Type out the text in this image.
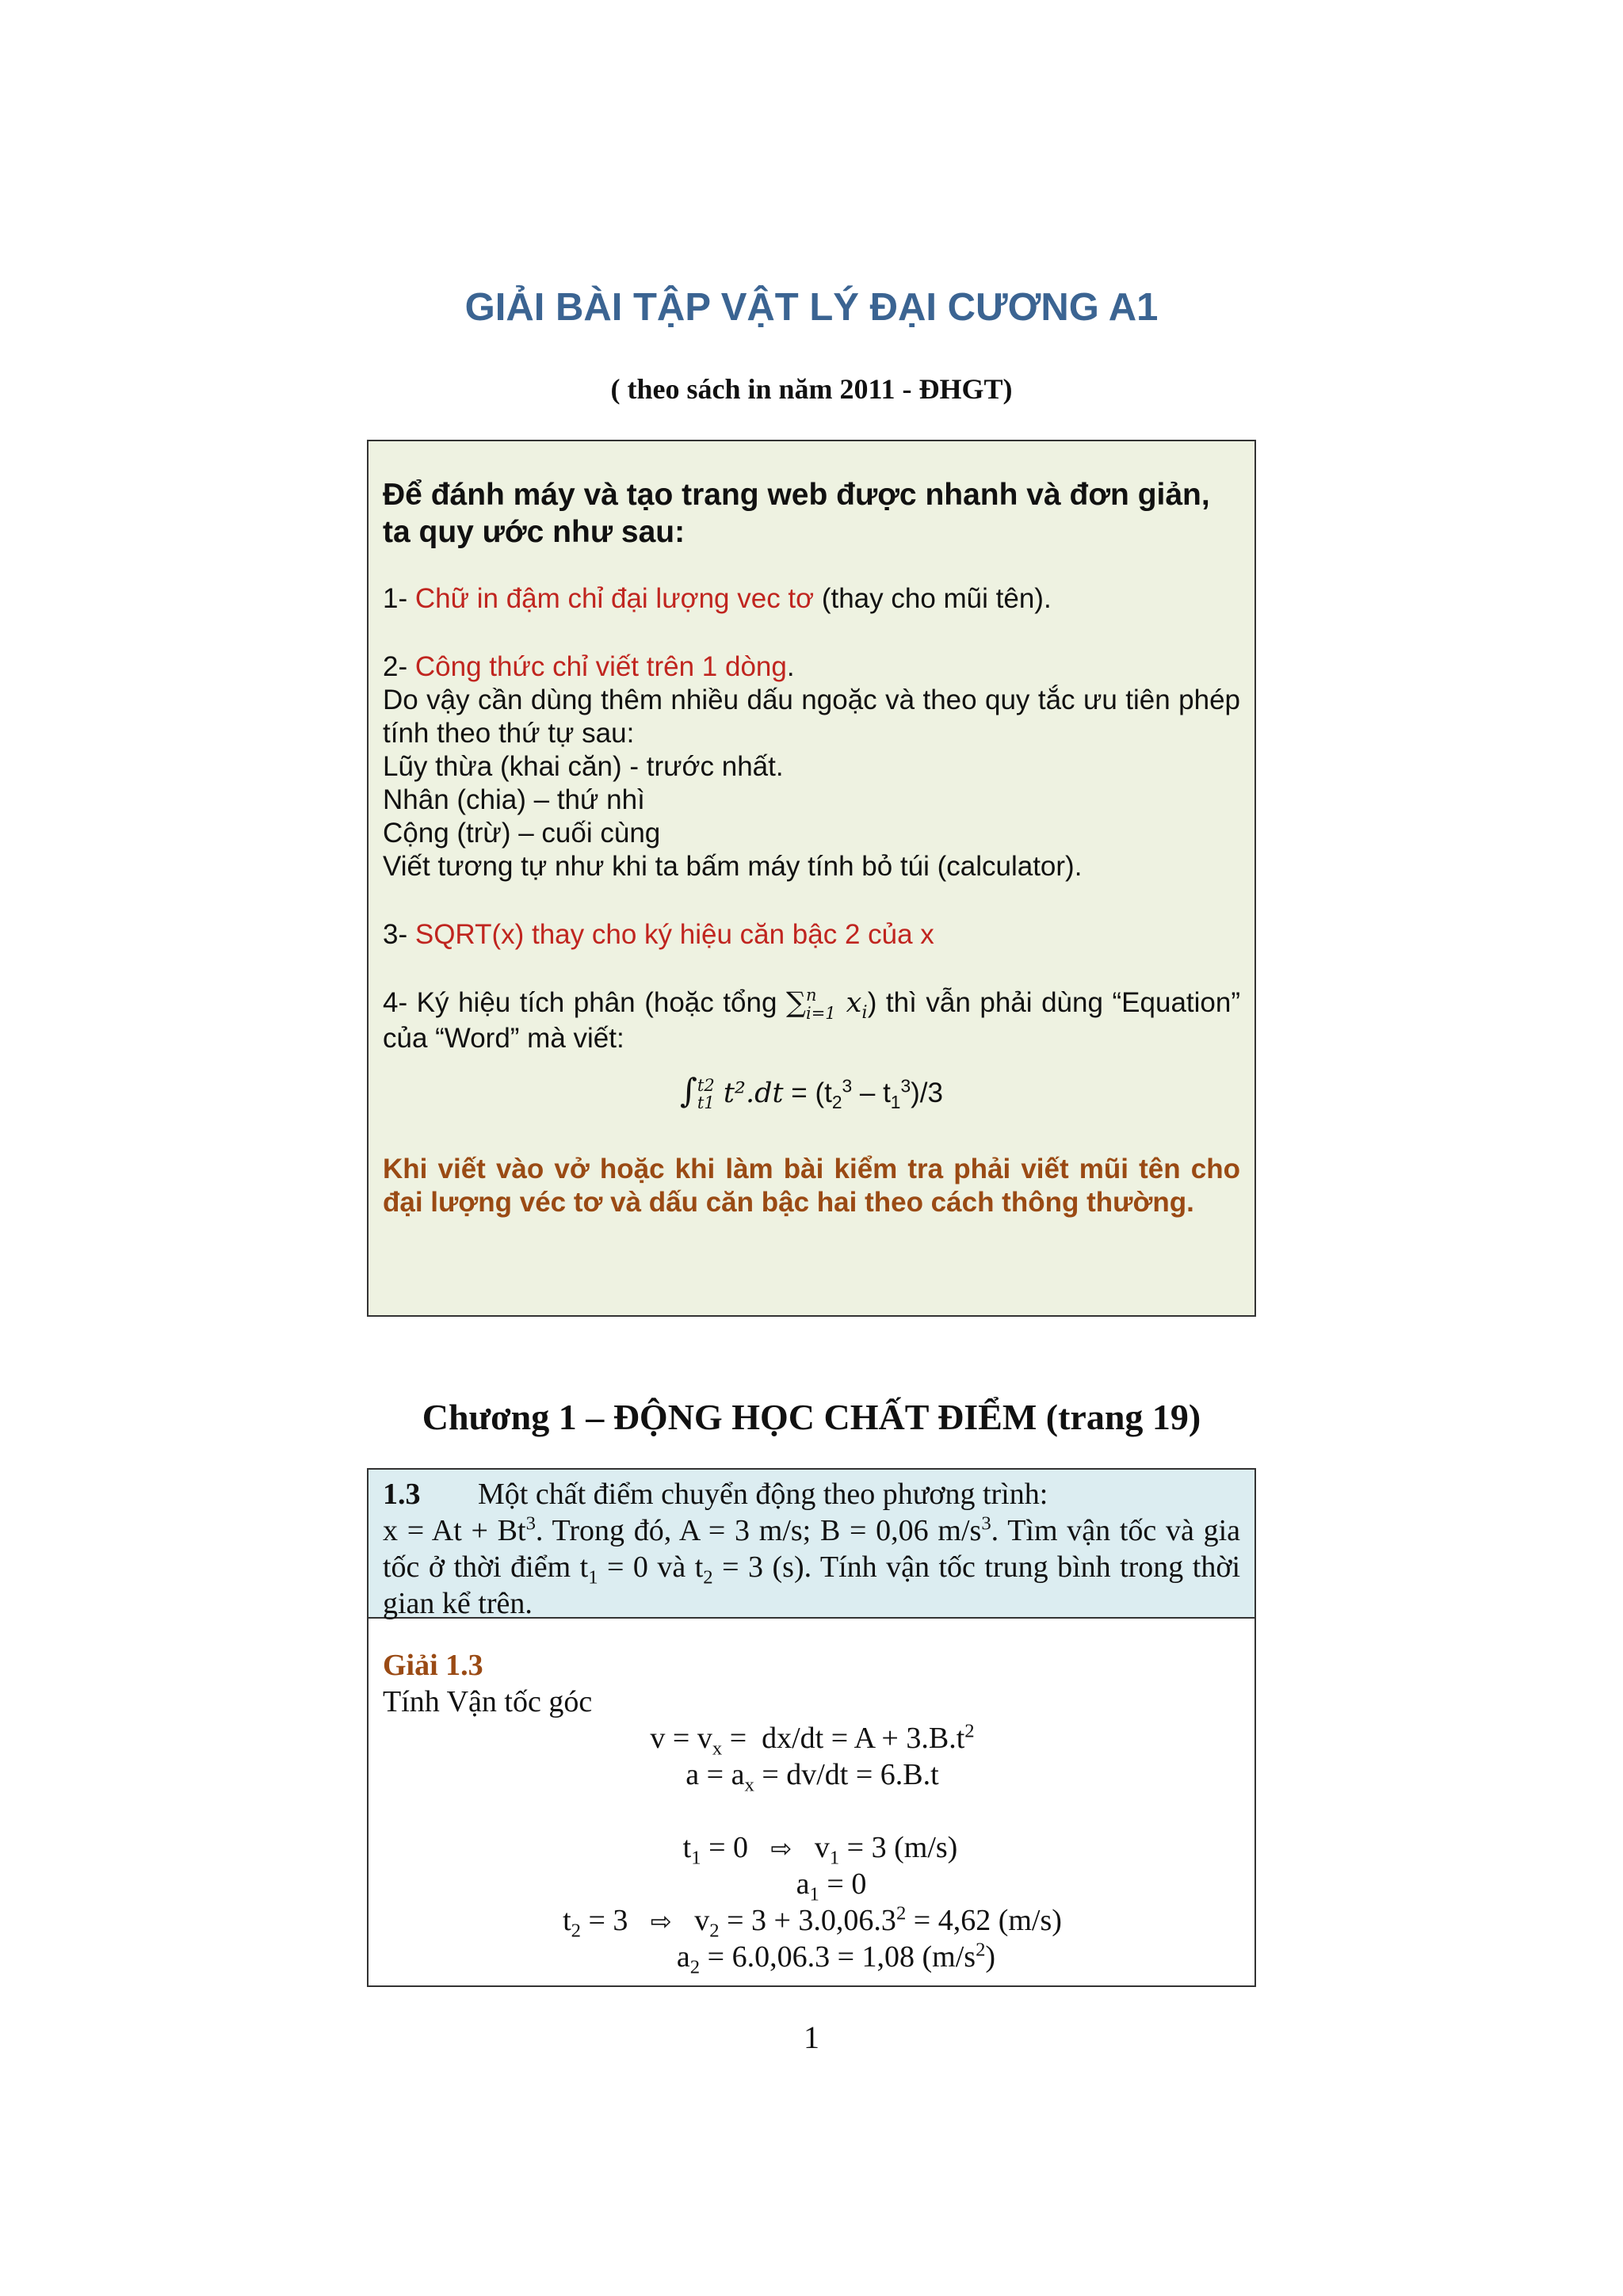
GIẢI BÀI TẬP VẬT LÝ ĐẠI CƯƠNG A1

( theo sách in năm 2011 - ĐHGT)

Để đánh máy và tạo trang web được nhanh và đơn giản, ta quy ước như sau:

1- Chữ in đậm chỉ đại lượng vec tơ (thay cho mũi tên).

2- Công thức chỉ viết trên 1 dòng.

Do vậy cần dùng thêm nhiều dấu ngoặc và theo quy tắc ưu tiên phép tính theo thứ tự sau:

Lũy thừa (khai căn) - trước nhất.

Nhân (chia) – thứ nhì

Cộng (trừ) – cuối cùng

Viết tương tự như khi ta bấm máy tính bỏ túi (calculator).

3- SQRT(x) thay cho ký hiệu căn bậc 2 của x

4- Ký hiệu tích phân (hoặc tổng ∑ n
i=1 $x_i$) thì vẫn phải dùng “Equation” của “Word” mà viết:

∫ t2
t1 $t^2.dt = (t_2^3 - t_1^3)/3$

Khi viết vào vở hoặc khi làm bài kiểm tra phải viết mũi tên cho đại lượng véc tơ và dấu căn bậc hai theo cách thông thường.

Chương 1 – ĐỘNG HỌC CHẤT ĐIỂM (trang 19)
1.3 Một chất điểm chuyển động theo phương trình:
$x = At + Bt^3$. Trong đó, A = 3 m/s; B = 0,06 $m/s^3$. Tìm vận tốc và gia tốc ở thời điểm $t_1 = 0$ và $t_2 = 3$ (s). Tính vận tốc trung bình trong thời gian kể trên.

Giải 1.3

Tính Vận tốc góc

$v = v_x = dx/dt = A + 3.B.t^2$

$a = a_x = dv/dt = 6.B.t$

$t_1 = 0$   ⇨   $v_1 = 3$ (m/s)

$a_1 = 0$

$t_2 = 3$   ⇨   $v_2 = 3 + 3.0,06.3^2 = 4,62$ (m/s)

$a_2 = 6.0,06.3 = 1,08$ $(m/s^2)$

1
